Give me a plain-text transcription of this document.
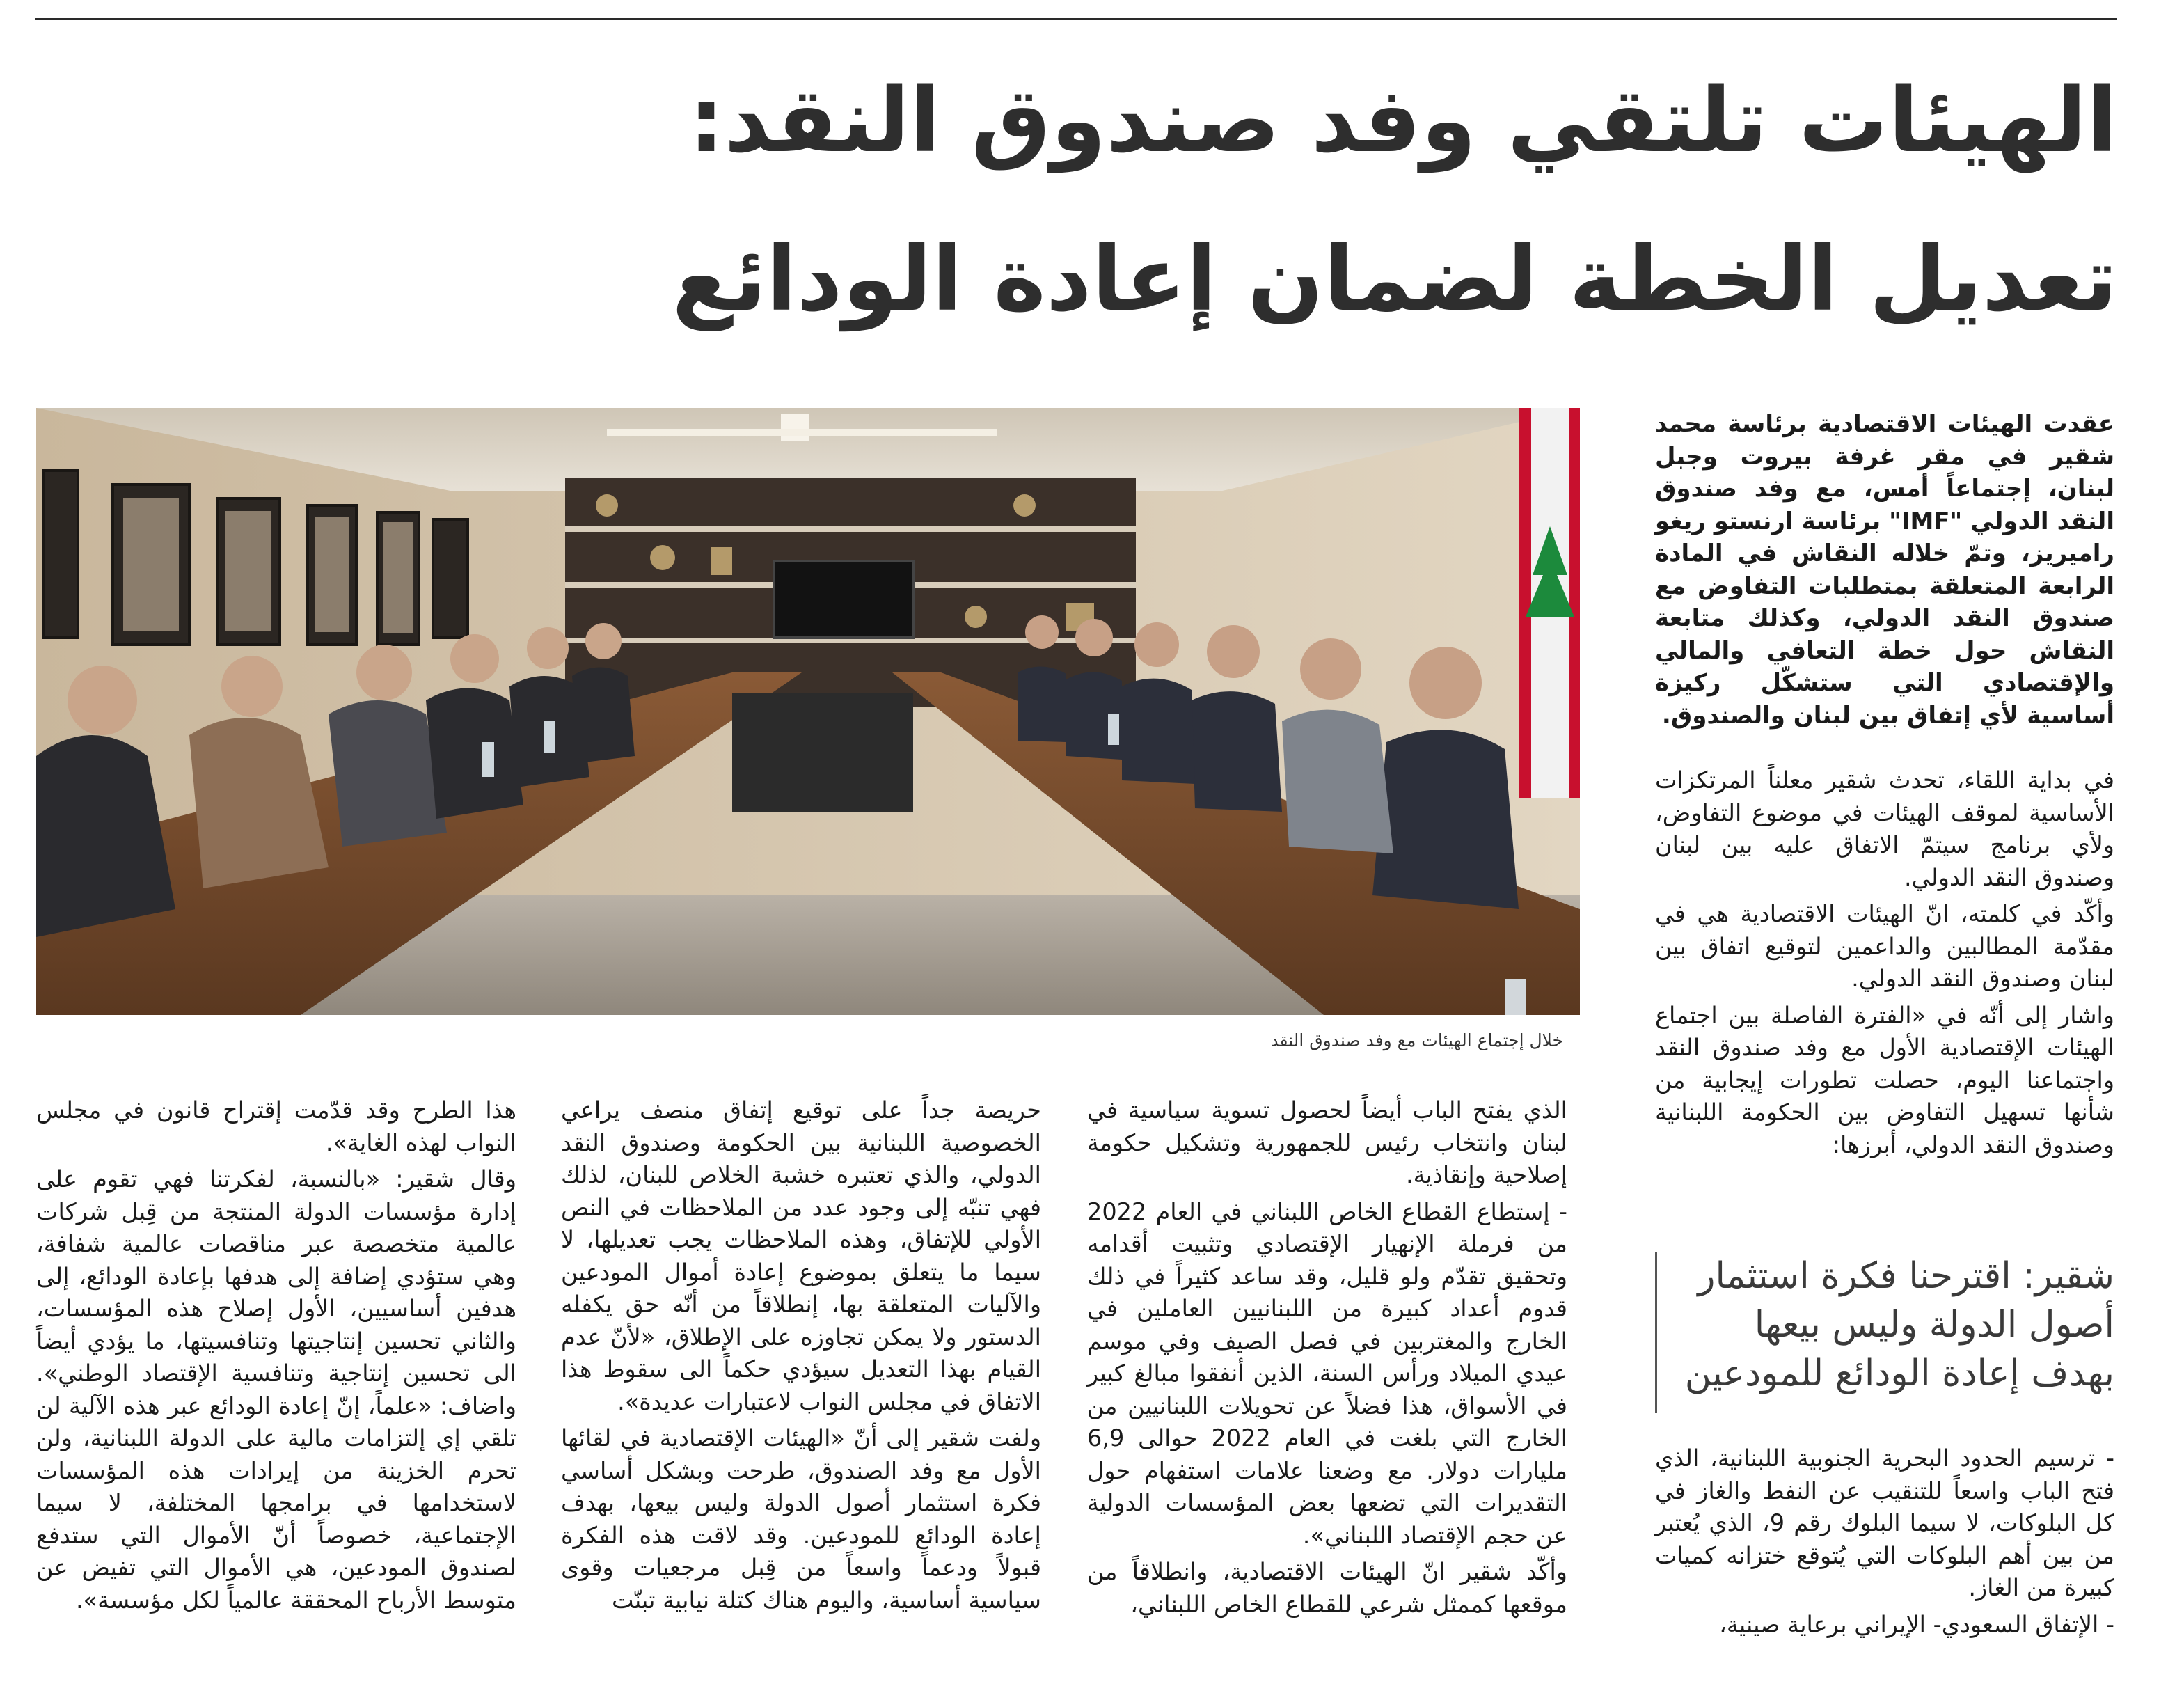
الهيئات تلتقي وفد صندوق النقد:
تعديل الخطة لضمان إعادة الودائع
خلال إجتماع الهيئات مع وفد صندوق النقد

عقدت الهيئات الاقتصادية برئاسة محمد شقير في مقر غرفة بيروت وجبل لبنان، إجتماعاً أمس، مع وفد صندوق النقد الدولي "IMF" برئاسة ارنستو ريغو راميريز، وتمّ خلاله النقاش في المادة الرابعة المتعلقة بمتطلبات التفاوض مع صندوق النقد الدولي، وكذلك متابعة النقاش حول خطة التعافي والمالي والإقتصادي التي ستشكّل ركيزة أساسية لأي إتفاق بين لبنان والصندوق.

في بداية اللقاء، تحدث شقير معلناً المرتكزات الأساسية لموقف الهيئات في موضوع التفاوض، ولأي برنامج سيتمّ الاتفاق عليه بين لبنان وصندوق النقد الدولي.

وأكّد في كلمته، انّ الهيئات الاقتصادية هي في مقدّمة المطالبين والداعمين لتوقيع اتفاق بين لبنان وصندوق النقد الدولي.

واشار إلى أنّه في «الفترة الفاصلة بين اجتماع الهيئات الإقتصادية الأول مع وفد صندوق النقد واجتماعنا اليوم، حصلت تطورات إيجابية من شأنها تسهيل التفاوض بين الحكومة اللبنانية وصندوق النقد الدولي، أبرزها:

شقير: اقترحنا فكرة استثمار أصول الدولة وليس بيعها بهدف إعادة الودائع للمودعين

- ترسيم الحدود البحرية الجنوبية اللبنانية، الذي فتح الباب واسعاً للتنقيب عن النفط والغاز في كل البلوكات، لا سيما البلوك رقم 9، الذي يُعتبر من بين أهم البلوكات التي يُتوقع ختزانه كميات كبيرة من الغاز.

- الإتفاق السعودي- الإيراني برعاية صينية،

الذي يفتح الباب أيضاً لحصول تسوية سياسية في لبنان وانتخاب رئيس للجمهورية وتشكيل حكومة إصلاحية وإنقاذية.

- إستطاع القطاع الخاص اللبناني في العام 2022 من فرملة الإنهيار الإقتصادي وتثبيت أقدامه وتحقيق تقدّم ولو قليل، وقد ساعد كثيراً في ذلك قدوم أعداد كبيرة من اللبنانيين العاملين في الخارج والمغتربين في فصل الصيف وفي موسم عيدي الميلاد ورأس السنة، الذين أنفقوا مبالغ كبير في الأسواق، هذا فضلاً عن تحويلات اللبنانيين من الخارج التي بلغت في العام 2022 حوالى 6,9 مليارات دولار. مع وضعنا علامات استفهام حول التقديرات التي تضعها بعض المؤسسات الدولية عن حجم الإقتصاد اللبناني».

وأكّد شقير انّ الهيئات الاقتصادية، وانطلاقاً من موقعها كممثل شرعي للقطاع الخاص اللبناني،

حريصة جداً على توقيع إتفاق منصف يراعي الخصوصية اللبنانية بين الحكومة وصندوق النقد الدولي، والذي تعتبره خشبة الخلاص للبنان، لذلك فهي تنبّه إلى وجود عدد من الملاحظات في النص الأولي للإتفاق، وهذه الملاحظات يجب تعديلها، لا سيما ما يتعلق بموضوع إعادة أموال المودعين والآليات المتعلقة بها، إنطلاقاً من أنّه حق يكفله الدستور ولا يمكن تجاوزه على الإطلاق، «لأنّ عدم القيام بهذا التعديل سيؤدي حكماً الى سقوط هذا الاتفاق في مجلس النواب لاعتبارات عديدة».

ولفت شقير إلى أنّ «الهيئات الإقتصادية في لقائها الأول مع وفد الصندوق، طرحت وبشكل أساسي فكرة استثمار أصول الدولة وليس بيعها، بهدف إعادة الودائع للمودعين. وقد لاقت هذه الفكرة قبولاً ودعماً واسعاً من قِبل مرجعيات وقوى سياسية أساسية، واليوم هناك كتلة نيابية تبنّت

هذا الطرح وقد قدّمت إقتراح قانون في مجلس النواب لهذه الغاية».

وقال شقير: «بالنسبة، لفكرتنا فهي تقوم على إدارة مؤسسات الدولة المنتجة من قِبل شركات عالمية متخصصة عبر مناقصات عالمية شفافة، وهي ستؤدي إضافة إلى هدفها بإعادة الودائع، إلى هدفين أساسيين، الأول إصلاح هذه المؤسسات، والثاني تحسين إنتاجيتها وتنافسيتها، ما يؤدي أيضاً الى تحسين إنتاجية وتنافسية الإقتصاد الوطني». واضاف: «علماً، إنّ إعادة الودائع عبر هذه الآلية لن تلقي إي إلتزامات مالية على الدولة اللبنانية، ولن تحرم الخزينة من إيرادات هذه المؤسسات لاستخدامها في برامجها المختلفة، لا سيما الإجتماعية، خصوصاً أنّ الأموال التي ستدفع لصندوق المودعين، هي الأموال التي تفيض عن متوسط الأرباح المحققة عالمياً لكل مؤسسة».
